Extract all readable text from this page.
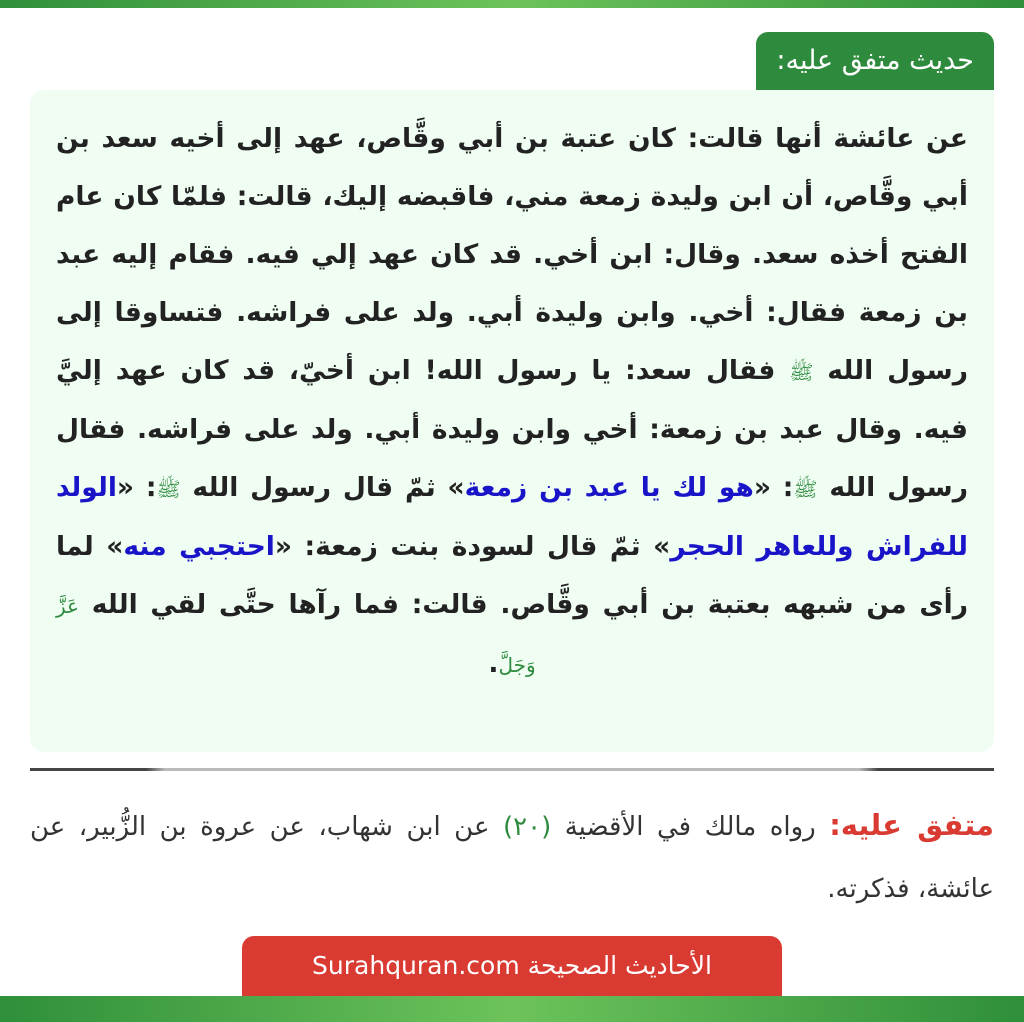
حديث متفق عليه:

عن عائشة أنها قالت: كان عتبة بن أبي وقَّاص، عهد إلى أخيه سعد بن أبي وقَّاص، أن ابن وليدة زمعة مني، فاقبضه إليك، قالت: فلمّا كان عام الفتح أخذه سعد. وقال: ابن أخي. قد كان عهد إلي فيه. فقام إليه عبد بن زمعة فقال: أخي. وابن وليدة أبي. ولد على فراشه. فتساوقا إلى رسول الله ﷺ فقال سعد: يا رسول الله! ابن أخيّ، قد كان عهد إليَّ فيه. وقال عبد بن زمعة: أخي وابن وليدة أبي. ولد على فراشه. فقال رسول الله ﷺ: «هو لك يا عبد بن زمعة» ثمّ قال رسول الله ﷺ: «الولد للفراش وللعاهر الحجر» ثمّ قال لسودة بنت زمعة: «احتجبي منه» لما رأى من شبهه بعتبة بن أبي وقَّاص. قالت: فما رآها حتَّى لقي الله عَزَّ وَجَلَّ.

متفق عليه: رواه مالك في الأقضية (٢٠) عن ابن شهاب، عن عروة بن الزُّبير، عن عائشة، فذكرته.

الأحاديث الصحيحة Surahquran.com
